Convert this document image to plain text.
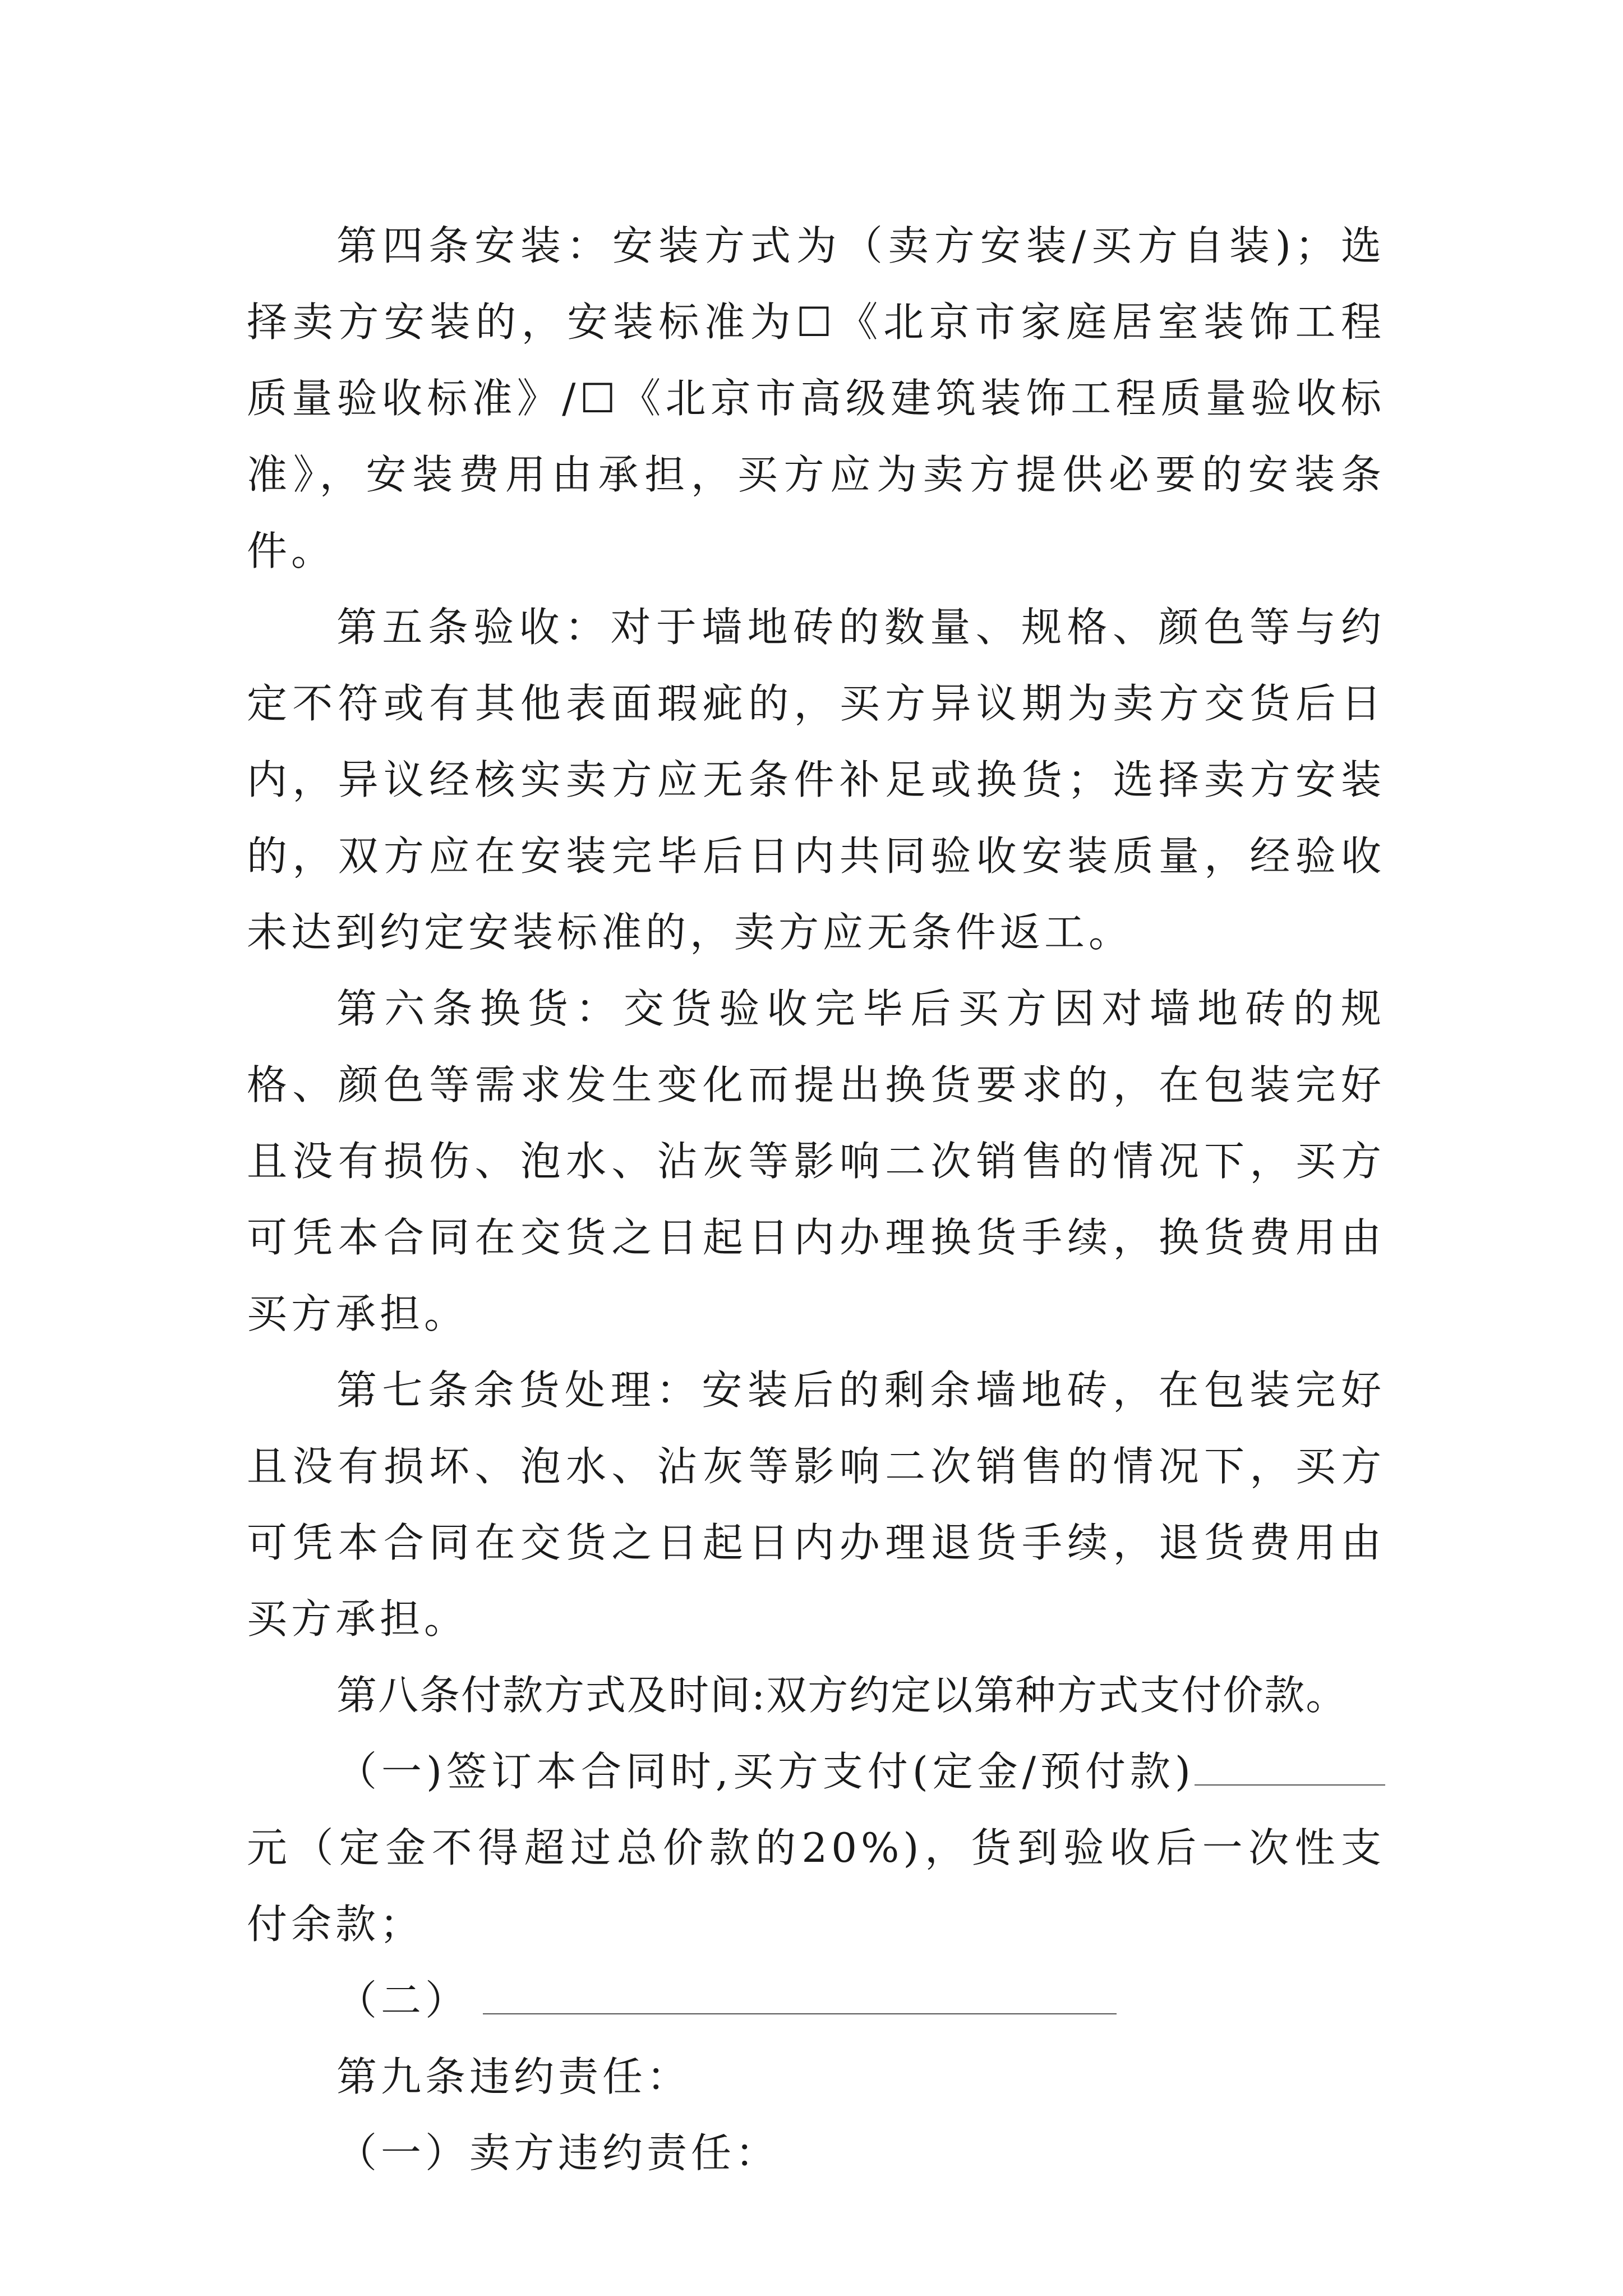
第四条安装：安装方式为（卖方安装/买方自装)；选择卖方安装的，安装标准为☐《北京市家庭居室装饰工程质量验收标准》/☐《北京市高级建筑装饰工程质量验收标准》，安装费用由承担，买方应为卖方提供必要的安装条件。

第五条验收：对于墙地砖的数量、规格、颜色等与约定不符或有其他表面瑕疵的，买方异议期为卖方交货后日内，异议经核实卖方应无条件补足或换货；选择卖方安装的，双方应在安装完毕后日内共同验收安装质量，经验收未达到约定安装标准的，卖方应无条件返工。

第六条换货：交货验收完毕后买方因对墙地砖的规格、颜色等需求发生变化而提出换货要求的，在包装完好且没有损伤、泡水、沾灰等影响二次销售的情况下，买方可凭本合同在交货之日起日内办理换货手续，换货费用由买方承担。

第七条余货处理：安装后的剩余墙地砖，在包装完好且没有损坏、泡水、沾灰等影响二次销售的情况下，买方可凭本合同在交货之日起日内办理退货手续，退货费用由买方承担。

第八条付款方式及时间:双方约定以第种方式支付价款。

（一)签订本合同时,买方支付(定金/预付款)元（定金不得超过总价款的20%)，货到验收后一次性支付余款；

（二）

第九条违约责任：

（一）卖方违约责任：
